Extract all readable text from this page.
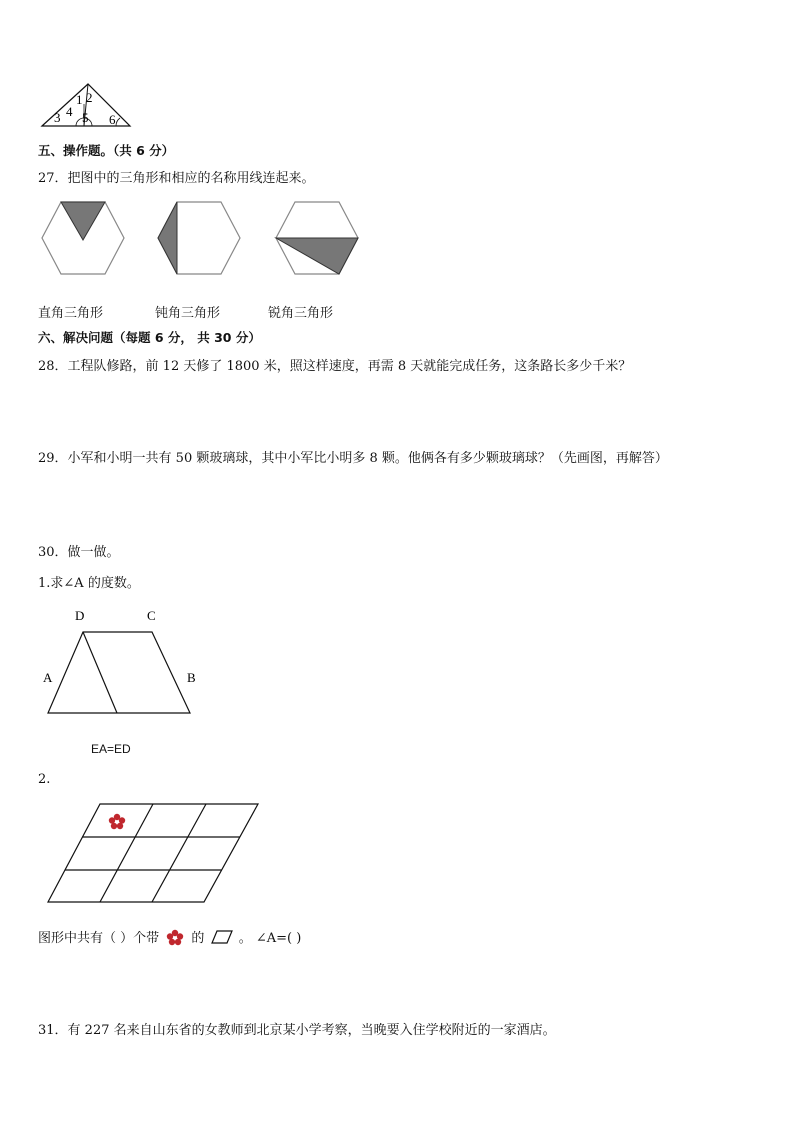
1 2
3 4 5 6
五、操作题。（共 6 分）
27．把图中的三角形和相应的名称用线连起来。
直角三角形	钝角三角形	锐角三角形
六、解决问题（每题 6 分， 共 30 分）
28．工程队修路，前 12 天修了 1800 米，照这样速度，再需 8 天就能完成任务，这条路长多少千米？
29．小军和小明一共有 50 颗玻璃球，其中小军比小明多 8 颗。他俩各有多少颗玻璃球？（先画图，再解答）
30．做一做。
1.求∠A 的度数。
D	C
A	B
EA=ED
2.
图形中共有（ ）个带 的	。 ∠A=( )
31．有 227 名来自山东省的女教师到北京某小学考察，当晚要入住学校附近的一家酒店。
